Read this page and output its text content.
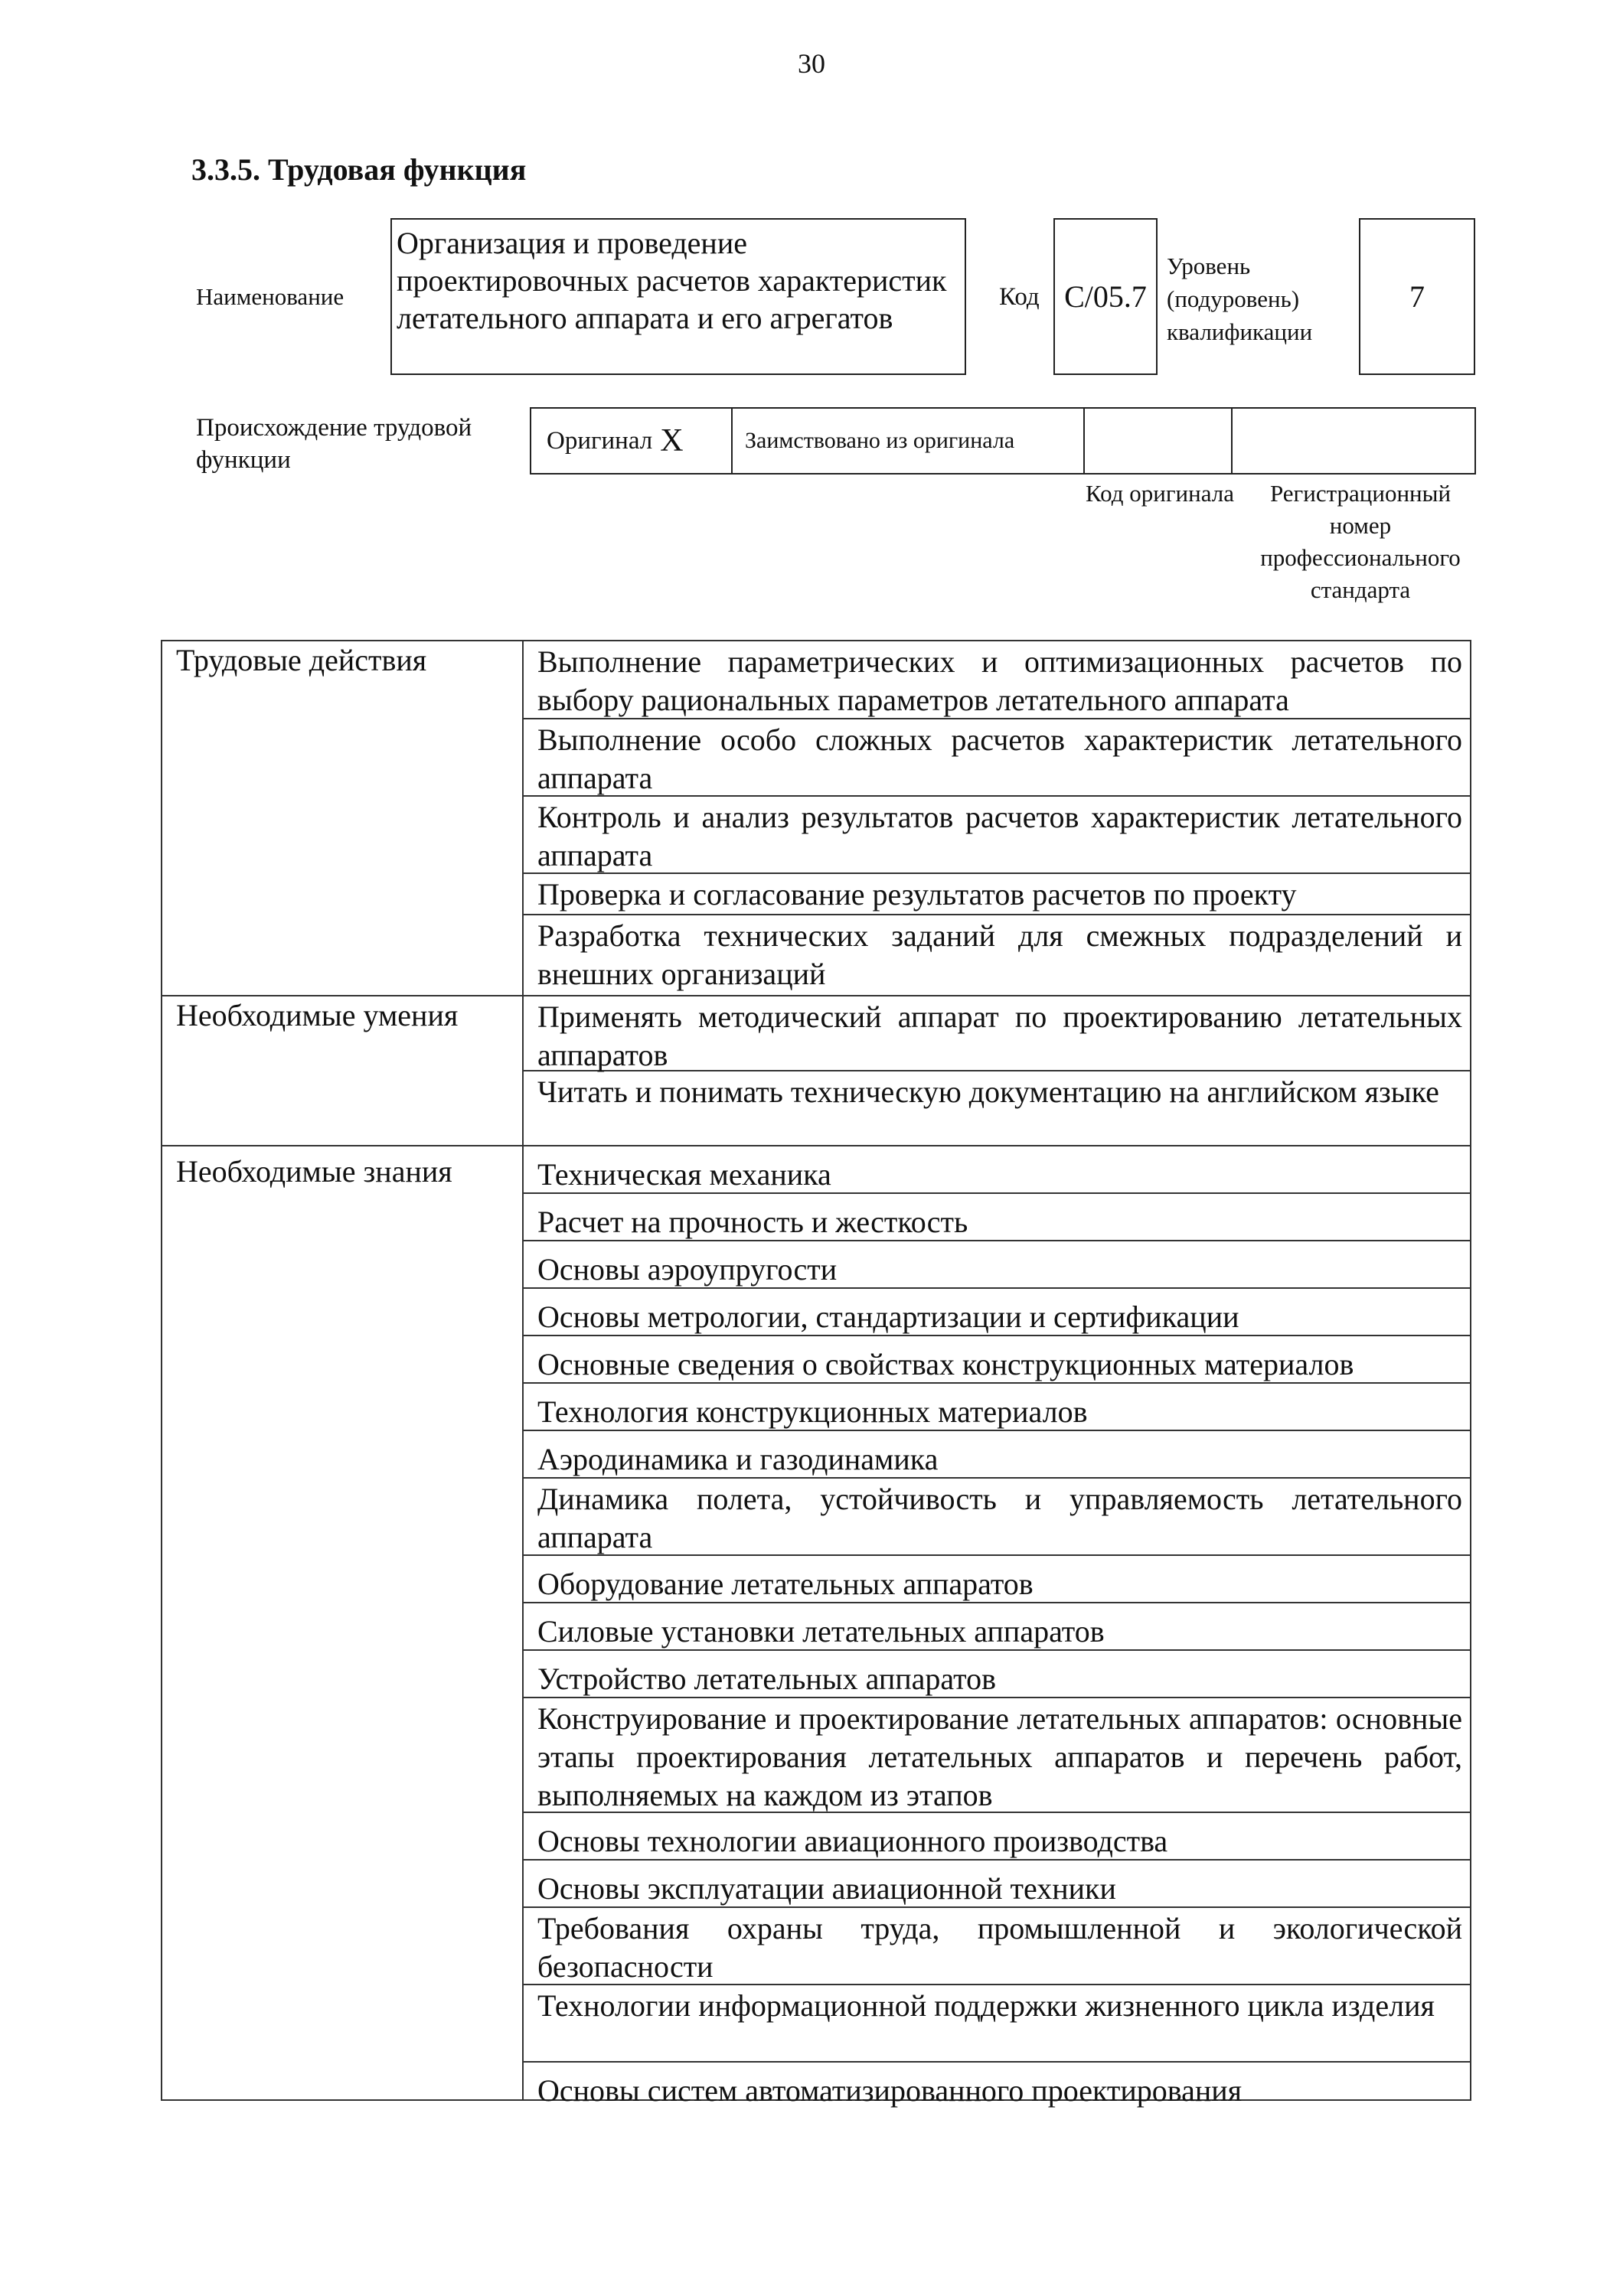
30
3.3.5. Трудовая функция
Наименование
Организация и проведение проектировочных расчетов характеристик летательного аппарата и его агрегатов
Код С/05.7
Уровень (подуровень) квалификации
7
Происхождение трудовой функции
Оригинал X	Заимствовано из оригинала
Код оригинала	Регистрационный номер профессионального стандарта
Трудовые действия	Выполнение параметрических и оптимизационных расчетов по выбору рациональных параметров летательного аппарата
Выполнение особо сложных расчетов характеристик летательного аппарата
Контроль и анализ результатов расчетов характеристик летательного аппарата
Проверка и согласование результатов расчетов по проекту
Разработка технических заданий для смежных подразделений и внешних организаций
Необходимые умения	Применять методический аппарат по проектированию летательных аппаратов
Читать и понимать техническую документацию на английском языке
Необходимые знания	Техническая механика
Расчет на прочность и жесткость
Основы аэроупругости
Основы метрологии, стандартизации и сертификации
Основные сведения о свойствах конструкционных материалов
Технология конструкционных материалов
Аэродинамика и газодинамика
Динамика полета, устойчивость и управляемость летательного аппарата
Оборудование летательных аппаратов
Силовые установки летательных аппаратов
Устройство летательных аппаратов
Конструирование и проектирование летательных аппаратов: основные этапы проектирования летательных аппаратов и перечень работ, выполняемых на каждом из этапов
Основы технологии авиационного производства
Основы эксплуатации авиационной техники
Требования охраны труда, промышленной и экологической безопасности
Технологии информационной поддержки жизненного цикла изделия
Основы систем автоматизированного проектирования
